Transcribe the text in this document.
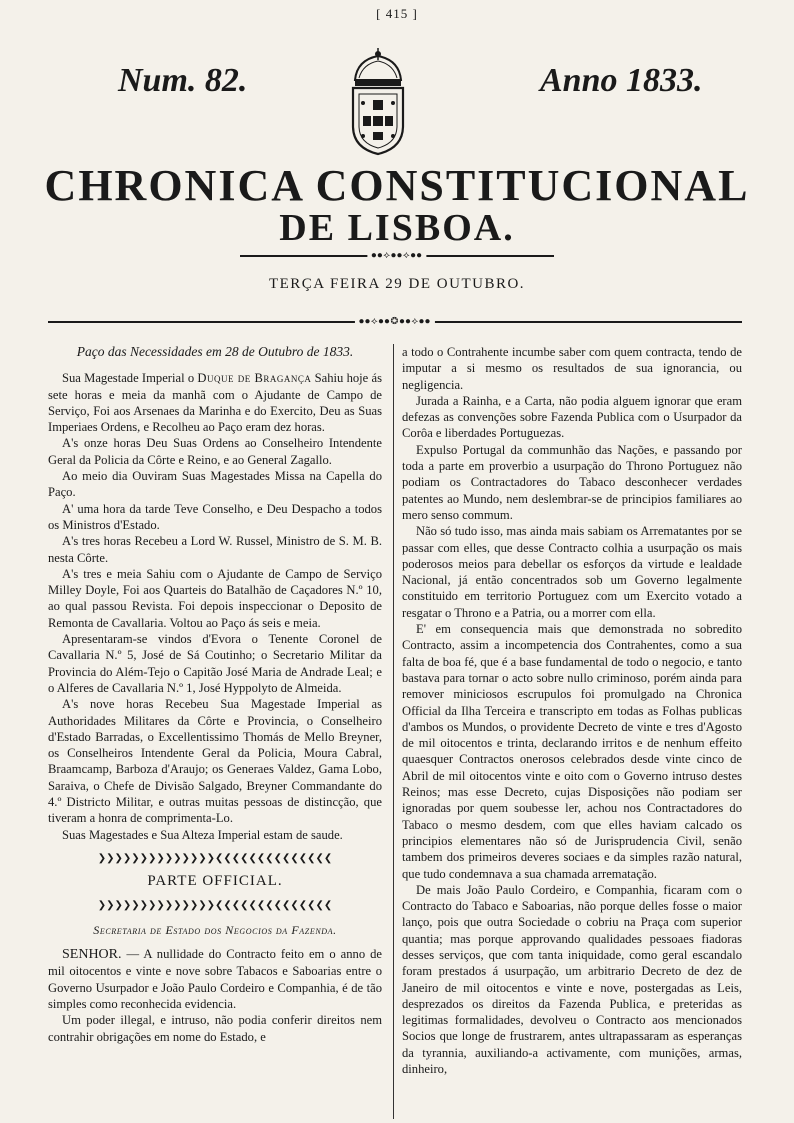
[ 415 ]
Num. 82.	Anno 1833.
CHRONICA CONSTITUCIONAL
DE LISBOA.
⦁⦁⟡⦁⦁⟡⦁⦁
TERÇA FEIRA 29 DE OUTUBRO.
⦁⦁⟡⦁⦁❂⦁⦁⟡⦁⦁

Paço das Necessidades em 28 de Outubro de 1833.

Sua Magestade Imperial o Duque de Bragança Sahiu hoje ás sete horas e meia da manhã com o Ajudante de Campo de Serviço, Foi aos Arsenaes da Marinha e do Exercito, Deu as Suas Imperiaes Ordens, e Recolheu ao Paço eram dez horas.

A's onze horas Deu Suas Ordens ao Conselheiro Intendente Geral da Policia da Côrte e Reino, e ao General Zagallo.

Ao meio dia Ouviram Suas Magestades Missa na Capella do Paço.

A' uma hora da tarde Teve Conselho, e Deu Despacho a todos os Ministros d'Estado.

A's tres horas Recebeu a Lord W. Russel, Ministro de S. M. B. nesta Côrte.

A's tres e meia Sahiu com o Ajudante de Campo de Serviço Milley Doyle, Foi aos Quarteis do Batalhão de Caçadores N.º 10, ao qual passou Revista. Foi depois inspeccionar o Deposito de Remonta de Cavallaria. Voltou ao Paço ás seis e meia.

Apresentaram-se vindos d'Evora o Tenente Coronel de Cavallaria N.º 5, José de Sá Coutinho; o Secretario Militar da Provincia do Além-Tejo o Capitão José Maria de Andrade Leal; e o Alferes de Cavallaria N.º 1, José Hyppolyto de Almeida.

A's nove horas Recebeu Sua Magestade Imperial as Authoridades Militares da Côrte e Provincia, o Conselheiro d'Estado Barradas, o Excellentissimo Thomás de Mello Breyner, os Conselheiros Intendente Geral da Policia, Moura Cabral, Braamcamp, Barboza d'Araujo; os Generaes Valdez, Gama Lobo, Saraiva, o Chefe de Divisão Salgado, Breyner Commandante do 4.º Districto Militar, e outras muitas pessoas de distincção, que tiveram a honra de comprimenta-Lo.

Suas Magestades e Sua Alteza Imperial estam de saude.

❯❯❯❯❯❯❯❯❯❯❯❯❯❯❮❮❮❮❮❮❮❮❮❮❮❮❮❮
PARTE OFFICIAL.
❯❯❯❯❯❯❯❯❯❯❯❯❯❯❮❮❮❮❮❮❮❮❮❮❮❮❮❮

Secretaria de Estado dos Negocios da Fazenda.

SENHOR. — A nullidade do Contracto feito em o anno de mil oitocentos e vinte e nove sobre Tabacos e Saboarias entre o Governo Usurpador e João Paulo Cordeiro e Companhia, é de tão simples como reconhecida evidencia.

Um poder illegal, e intruso, não podia conferir direitos nem contrahir obrigações em nome do Estado, e

a todo o Contrahente incumbe saber com quem contracta, tendo de imputar a si mesmo os resultados de sua ignorancia, ou negligencia.

Jurada a Rainha, e a Carta, não podia alguem ignorar que eram defezas as convenções sobre Fazenda Publica com o Usurpador da Corôa e liberdades Portuguezas.

Expulso Portugal da communhão das Nações, e passando por toda a parte em proverbio a usurpação do Throno Portuguez não podiam os Contractadores do Tabaco desconhecer verdades patentes ao Mundo, nem deslembrar-se de principios familiares ao mero senso commum.

Não só tudo isso, mas ainda mais sabiam os Arrematantes por se passar com elles, que desse Contracto colhia a usurpação os mais poderosos meios para debellar os esforços da virtude e lealdade Nacional, já então concentrados sob um Governo legalmente constituido em territorio Portuguez com um Exercito votado a resgatar o Throno e a Patria, ou a morrer com ella.

E' em consequencia mais que demonstrada no sobredito Contracto, assim a incompetencia dos Contrahentes, como a sua falta de boa fé, que é a base fundamental de todo o negocio, e tanto bastava para tornar o acto sobre nullo criminoso, porém ainda para remover miniciosos escrupulos foi promulgado na Chronica Official da Ilha Terceira e transcripto em todas as Folhas publicas d'ambos os Mundos, o providente Decreto de vinte e tres d'Agosto de mil oitocentos e trinta, declarando irritos e de nenhum effeito quaesquer Contractos onerosos celebrados desde vinte cinco de Abril de mil oitocentos vinte e oito com o Governo intruso destes Reinos; mas esse Decreto, cujas Disposições não podiam ser ignoradas por quem soubesse ler, achou nos Contractadores do Tabaco o mesmo desdem, com que elles haviam calcado os principios elementares não só de Jurisprudencia Civil, senão tambem dos primeiros deveres sociaes e da simples razão natural, que tudo condemnava a sua chamada arrematação.

De mais João Paulo Cordeiro, e Companhia, ficaram com o Contracto do Tabaco e Saboarias, não porque delles fosse o maior lanço, pois que outra Sociedade o cobriu na Praça com superior quantia; mas porque approvando qualidades pessoaes fiadoras desses serviços, que com tanta iniquidade, como geral escandalo foram prestados á usurpação, um arbitrario Decreto de dez de Janeiro de mil oitocentos e vinte e nove, postergadas as Leis, desprezados os direitos da Fazenda Publica, e preteridas as legitimas formalidades, devolveu o Contracto aos mencionados Socios que longe de frustrarem, antes ultrapassaram as esperanças da tyrannia, auxiliando-a activamente, com munições, armas, dinheiro,
